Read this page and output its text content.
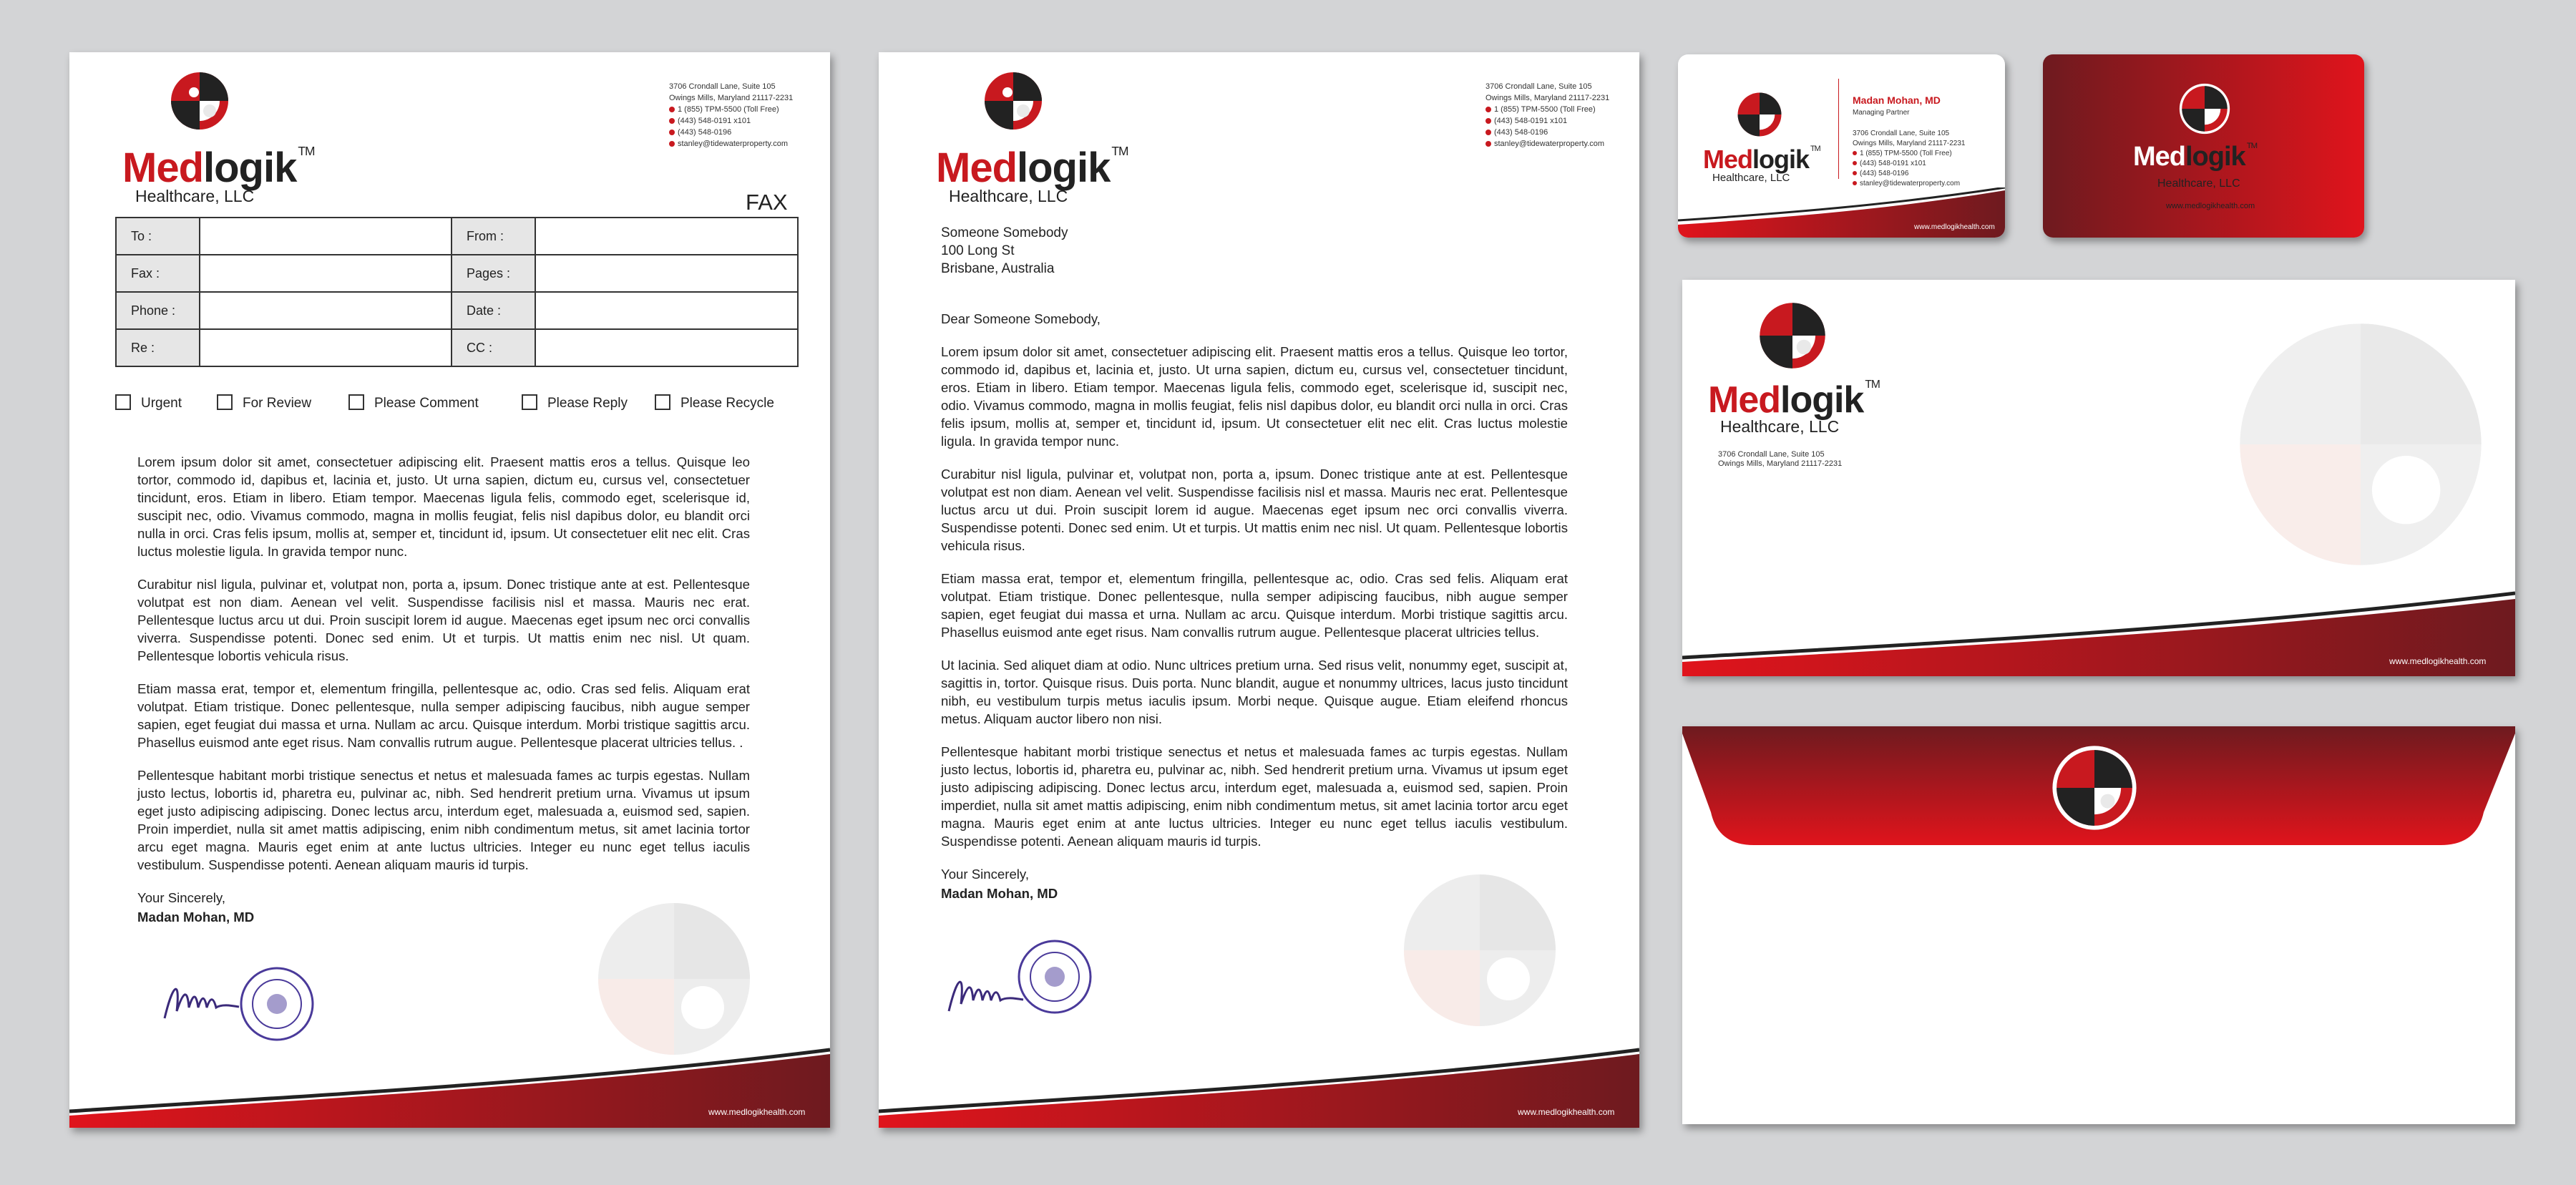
Medlogik ™
Healthcare, LLC
3706 Crondall Lane, Suite 105
Owings Mills, Maryland 21117-2231
1 (855) TPM-5500 (Toll Free)
(443) 548-0191 x101
(443) 548-0196
stanley@tidewaterproperty.com
FAX
To :		From :	
Fax :		Pages :	
Phone :		Date :	
Re :		CC :	
Urgent	For Review	Please Comment	Please Reply	Please Recycle

Lorem ipsum dolor sit amet, consectetuer adipiscing elit. Praesent mattis eros a tellus. Quisque leo tortor, commodo id, dapibus et, lacinia et, justo. Ut urna sapien, dictum eu, cursus vel, consectetuer tincidunt, eros. Etiam in libero. Etiam tempor. Maecenas ligula felis, commodo eget, scelerisque id, suscipit nec, odio. Vivamus commodo, magna in mollis feugiat, felis nisl dapibus dolor, eu blandit orci nulla in orci. Cras felis ipsum, mollis at, semper et, tincidunt id, ipsum. Ut consectetuer elit nec elit. Cras luctus molestie ligula. In gravida tempor nunc.

Curabitur nisl ligula, pulvinar et, volutpat non, porta a, ipsum. Donec tristique ante at est. Pellentesque volutpat est non diam. Aenean vel velit. Suspendisse facilisis nisl et massa. Mauris nec erat. Pellentesque luctus arcu ut dui. Proin suscipit lorem id augue. Maecenas eget ipsum nec orci convallis viverra. Suspendisse potenti. Donec sed enim. Ut et turpis. Ut mattis enim nec nisl. Ut quam. Pellentesque lobortis vehicula risus.

Etiam massa erat, tempor et, elementum fringilla, pellentesque ac, odio. Cras sed felis. Aliquam erat volutpat. Etiam tristique. Donec pellentesque, nulla semper adipiscing faucibus, nibh augue semper sapien, eget feugiat dui massa et urna. Nullam ac arcu. Quisque interdum. Morbi tristique sagittis arcu. Phasellus euismod ante eget risus. Nam convallis rutrum augue. Pellentesque placerat ultricies tellus. .

Pellentesque habitant morbi tristique senectus et netus et malesuada fames ac turpis egestas. Nullam justo lectus, lobortis id, pharetra eu, pulvinar ac, nibh. Sed hendrerit pretium urna. Vivamus ut ipsum eget justo adipiscing adipiscing. Donec lectus arcu, interdum eget, malesuada a, euismod sed, sapien. Proin imperdiet, nulla sit amet mattis adipiscing, enim nibh condimentum metus, sit amet lacinia tortor arcu eget magna. Mauris eget enim at ante luctus ultricies. Integer eu nunc eget tellus iaculis vestibulum. Suspendisse potenti. Aenean aliquam mauris id turpis.

Your Sincerely,

Madan Mohan, MD

www.medlogikhealth.com
Medlogik ™
Healthcare, LLC
3706 Crondall Lane, Suite 105
Owings Mills, Maryland 21117-2231
1 (855) TPM-5500 (Toll Free)
(443) 548-0191 x101
(443) 548-0196
stanley@tidewaterproperty.com
Someone Somebody
100 Long St
Brisbane, Australia

Dear Someone Somebody,

Lorem ipsum dolor sit amet, consectetuer adipiscing elit. Praesent mattis eros a tellus. Quisque leo tortor, commodo id, dapibus et, lacinia et, justo. Ut urna sapien, dictum eu, cursus vel, consectetuer tincidunt, eros. Etiam in libero. Etiam tempor. Maecenas ligula felis, commodo eget, scelerisque id, suscipit nec, odio. Vivamus commodo, magna in mollis feugiat, felis nisl dapibus dolor, eu blandit orci nulla in orci. Cras felis ipsum, mollis at, semper et, tincidunt id, ipsum. Ut consectetuer elit nec elit. Cras luctus molestie ligula. In gravida tempor nunc.

Curabitur nisl ligula, pulvinar et, volutpat non, porta a, ipsum. Donec tristique ante at est. Pellentesque volutpat est non diam. Aenean vel velit. Suspendisse facilisis nisl et massa. Mauris nec erat. Pellentesque luctus arcu ut dui. Proin suscipit lorem id augue. Maecenas eget ipsum nec orci convallis viverra. Suspendisse potenti. Donec sed enim. Ut et turpis. Ut mattis enim nec nisl. Ut quam. Pellentesque lobortis vehicula risus.

Etiam massa erat, tempor et, elementum fringilla, pellentesque ac, odio. Cras sed felis. Aliquam erat volutpat. Etiam tristique. Donec pellentesque, nulla semper adipiscing faucibus, nibh augue semper sapien, eget feugiat dui massa et urna. Nullam ac arcu. Quisque interdum. Morbi tristique sagittis arcu. Phasellus euismod ante eget risus. Nam convallis rutrum augue. Pellentesque placerat ultricies tellus.

Ut lacinia. Sed aliquet diam at odio. Nunc ultrices pretium urna. Sed risus velit, nonummy eget, suscipit at, sagittis in, tortor. Quisque risus. Duis porta. Nunc blandit, augue et nonummy ultrices, lacus justo tincidunt nibh, eu vestibulum turpis metus iaculis ipsum. Morbi neque. Quisque augue. Etiam eleifend rhoncus metus. Aliquam auctor libero non nisi.

Pellentesque habitant morbi tristique senectus et netus et malesuada fames ac turpis egestas. Nullam justo lectus, lobortis id, pharetra eu, pulvinar ac, nibh. Sed hendrerit pretium urna. Vivamus ut ipsum eget justo adipiscing adipiscing. Donec lectus arcu, interdum eget, malesuada a, euismod sed, sapien. Proin imperdiet, nulla sit amet mattis adipiscing, enim nibh condimentum metus, sit amet lacinia tortor arcu eget magna. Mauris eget enim at ante luctus ultricies. Integer eu nunc eget tellus iaculis vestibulum. Suspendisse potenti. Aenean aliquam mauris id turpis.

Your Sincerely,

Madan Mohan, MD

www.medlogikhealth.com
Medlogik ™
Healthcare, LLC
Madan Mohan, MD
Managing Partner
3706 Crondall Lane, Suite 105
Owings Mills, Maryland 21117-2231
1 (855) TPM-5500 (Toll Free)
(443) 548-0191 x101
(443) 548-0196
stanley@tidewaterproperty.com
www.medlogikhealth.com
Medlogik ™
Healthcare, LLC
www.medlogikhealth.com
Medlogik ™
Healthcare, LLC
3706 Crondall Lane, Suite 105
Owings Mills, Maryland 21117-2231
www.medlogikhealth.com
